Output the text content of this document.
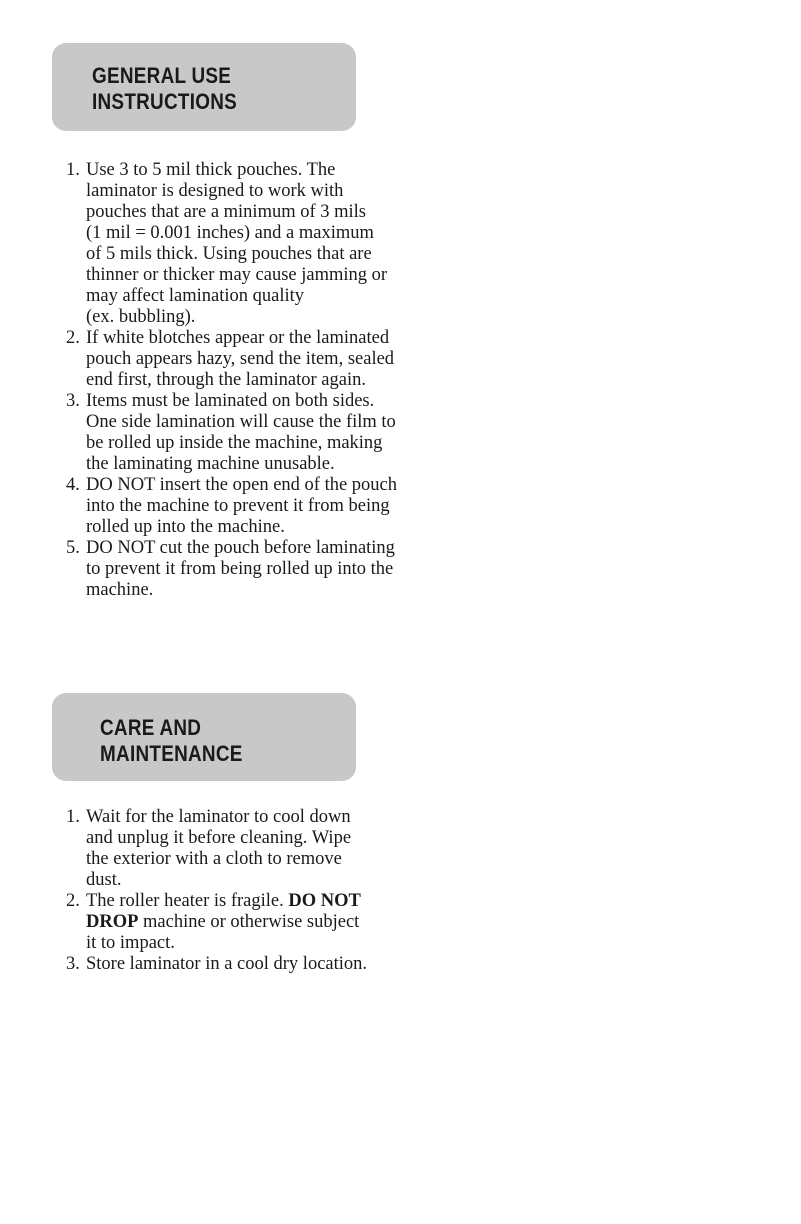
GENERAL USE
INSTRUCTIONS
1. Use 3 to 5 mil thick pouches. The
laminator is designed to work with
pouches that are a minimum of 3 mils
(1 mil = 0.001 inches) and a maximum
of 5 mils thick. Using pouches that are
thinner or thicker may cause jamming or
may affect lamination quality
(ex. bubbling).
2. If white blotches appear or the laminated
pouch appears hazy, send the item, sealed
end first, through the laminator again.
3. Items must be laminated on both sides.
One side lamination will cause the film to
be rolled up inside the machine, making
the laminating machine unusable.
4. DO NOT insert the open end of the pouch
into the machine to prevent it from being
rolled up into the machine.
5. DO NOT cut the pouch before laminating
to prevent it from being rolled up into the
machine.
CARE AND
MAINTENANCE
1. Wait for the laminator to cool down
and unplug it before cleaning. Wipe
the exterior with a cloth to remove
dust.
2. The roller heater is fragile. DO NOT
DROP machine or otherwise subject
it to impact.
3. Store laminator in a cool dry location.
